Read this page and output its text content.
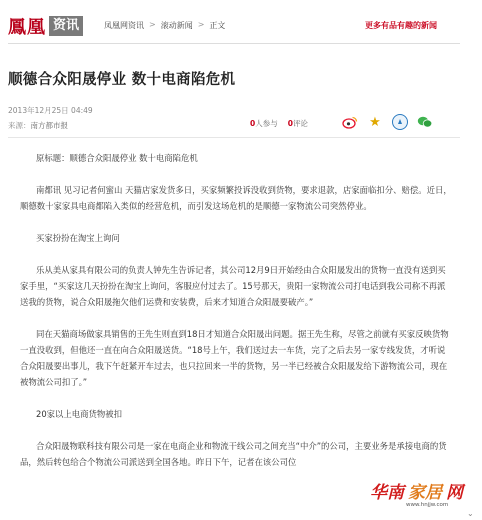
鳳凰 资讯	凤凰网资讯 > 滚动新闻 > 正文	更多有品有趣的新闻
顺德合众阳晟停业 数十电商陷危机
2013年12月25日 04:49
来源：南方都市报	0人参与 0评论	★

原标题：顺德合众阳晟停业 数十电商陷危机

南都讯 见习记者何蜜山 天猫店家发货多日，买家频繁投诉没收到货物，要求退款，店家面临扣分、赔偿。近日，顺德数十家家具电商都陷入类似的经营危机，而引发这场危机的是顺德一家物流公司突然停业。

买家扮扮在淘宝上询问

乐从美从家具有限公司的负责人钟先生告诉记者，其公司12月9日开始经由合众阳晟发出的货物一直没有送到买家手里，“买家这几天扮扮在淘宝上询问，客服应付过去了。15号那天，贵阳一家物流公司打电话到我公司称不再派送我的货物，说合众阳晟拖欠他们运费和安装费，后来才知道合众阳晟要破产。”

同在天猫商场做家具销售的王先生则直到18日才知道合众阳晟出问题。据王先生称，尽管之前就有买家反映货物一直没收到，但他还一直在向合众阳晟送货。“18号上午，我们送过去一车货，完了之后去另一家专线发货，才听说合众阳晟要出事儿，我下午赶紧开车过去，也只拉回来一半的货物，另一半已经被合众阳晟发给下游物流公司，现在被物流公司扣了。”

20家以上电商货物被扣

合众阳晟物联科技有限公司是一家在电商企业和物流干线公司之间充当“中介”的公司，主要业务是承接电商的货品，然后转包给合个物流公司派送到全国各地。昨日下午，记者在该公司位

华南 家居 网
www.hnjjw.com
⌄
